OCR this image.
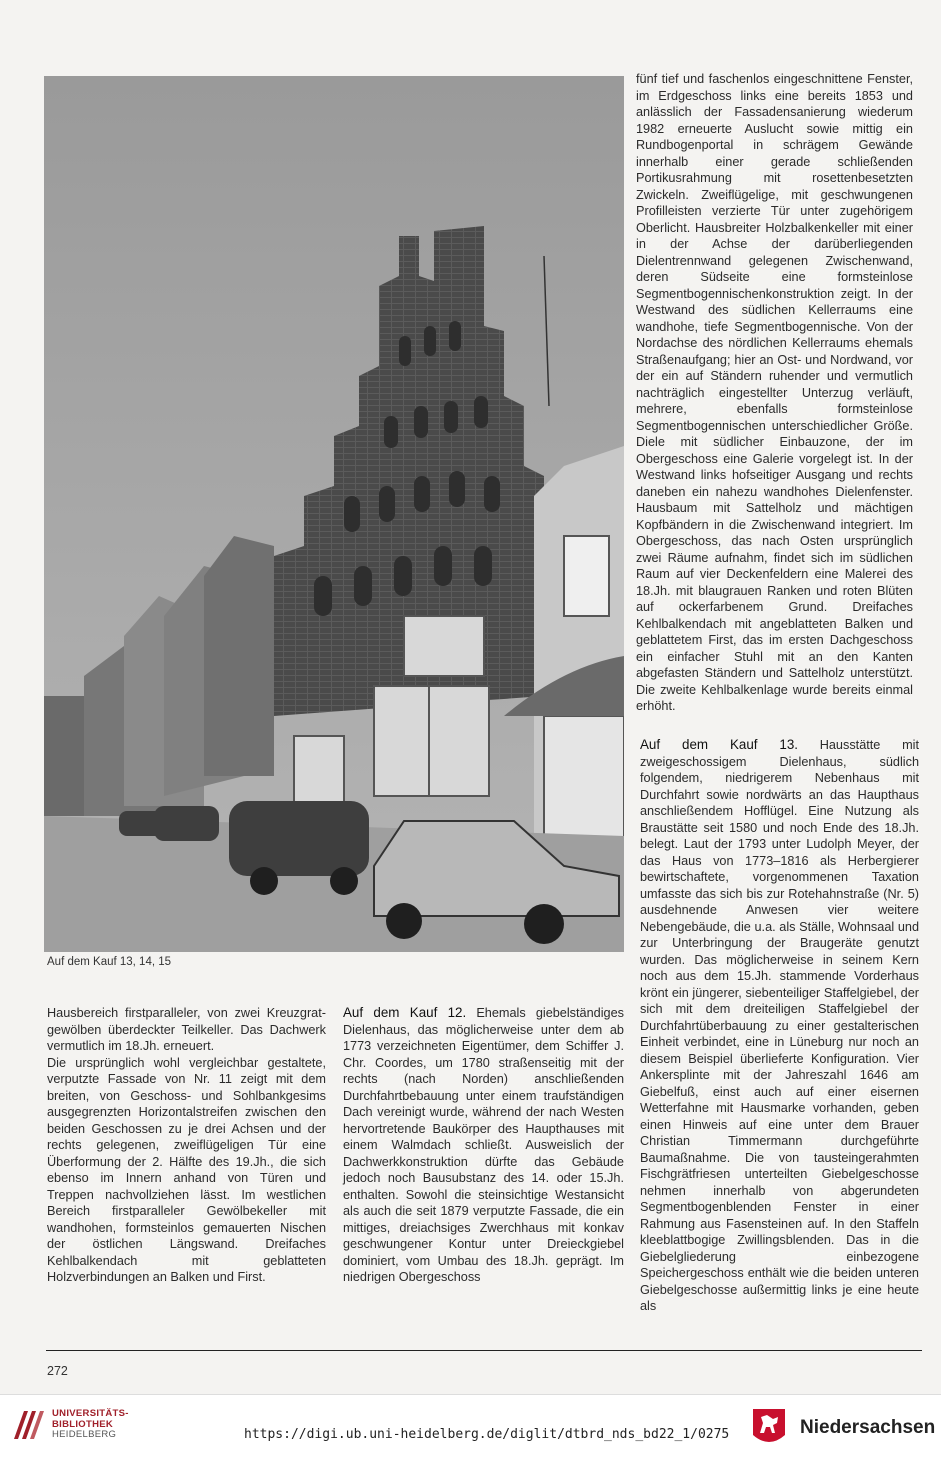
Auf dem Kauf 13, 14, 15

Hausbereich firstparalleler, von zwei Kreuzgrat-gewölben überdeckter Teilkeller. Das Dachwerk vermutlich im 18.Jh. erneuert.

Die ursprünglich wohl vergleichbar gestaltete, verputzte Fassade von Nr. 11 zeigt mit dem breiten, von Geschoss- und Sohlbankgesims ausgegrenzten Horizontalstreifen zwischen den beiden Geschossen zu je drei Achsen und der rechts gelegenen, zweiflügeligen Tür eine Überformung der 2. Hälfte des 19.Jh., die sich ebenso im Innern anhand von Türen und Treppen nachvollziehen lässt. Im westlichen Bereich firstparalleler Gewölbekeller mit wandhohen, formsteinlos gemauerten Nischen der östlichen Längswand. Dreifaches Kehlbalkendach mit geblatteten Holzverbindungen an Balken und First.

Auf dem Kauf 12. Ehemals giebelständiges Dielenhaus, das möglicherweise unter dem ab 1773 verzeichneten Eigentümer, dem Schiffer J. Chr. Coordes, um 1780 straßenseitig mit der rechts (nach Norden) anschließenden Durchfahrtbebauung unter einem traufständigen Dach vereinigt wurde, während der nach Westen hervortretende Baukörper des Haupthauses mit einem Walmdach schließt. Ausweislich der Dachwerkkonstruktion dürfte das Gebäude jedoch noch Bausubstanz des 14. oder 15.Jh. enthalten. Sowohl die steinsichtige Westansicht als auch die seit 1879 verputzte Fassade, die ein mittiges, dreiachsiges Zwerchhaus mit konkav geschwungener Kontur unter Dreieckgiebel dominiert, vom Umbau des 18.Jh. geprägt. Im niedrigen Obergeschoss

fünf tief und faschenlos eingeschnittene Fenster, im Erdgeschoss links eine bereits 1853 und anlässlich der Fassadensanierung wiederum 1982 erneuerte Auslucht sowie mittig ein Rundbogenportal in schrägem Gewände innerhalb einer gerade schließenden Portikusrahmung mit rosettenbesetzten Zwickeln. Zweiflügelige, mit geschwungenen Profilleisten verzierte Tür unter zugehörigem Oberlicht. Hausbreiter Holzbalkenkeller mit einer in der Achse der darüberliegenden Dielentrennwand gelegenen Zwischenwand, deren Südseite eine formsteinlose Segmentbogennischenkonstruktion zeigt. In der Westwand des südlichen Kellerraums eine wandhohe, tiefe Segmentbogennische. Von der Nordachse des nördlichen Kellerraums ehemals Straßenaufgang; hier an Ost- und Nordwand, vor der ein auf Ständern ruhender und vermutlich nachträglich eingestellter Unterzug verläuft, mehrere, ebenfalls formsteinlose Segmentbogennischen unterschiedlicher Größe. Diele mit südlicher Einbauzone, der im Obergeschoss eine Galerie vorgelegt ist. In der Westwand links hofseitiger Ausgang und rechts daneben ein nahezu wandhohes Dielenfenster. Hausbaum mit Sattelholz und mächtigen Kopfbändern in die Zwischenwand integriert. Im Obergeschoss, das nach Osten ursprünglich zwei Räume aufnahm, findet sich im südlichen Raum auf vier Deckenfeldern eine Malerei des 18.Jh. mit blaugrauen Ranken und roten Blüten auf ockerfarbenem Grund. Dreifaches Kehlbalkendach mit angeblatteten Balken und geblattetem First, das im ersten Dachgeschoss ein einfacher Stuhl mit an den Kanten abgefasten Ständern und Sattelholz unterstützt. Die zweite Kehlbalkenlage wurde bereits einmal erhöht.

Auf dem Kauf 13. Hausstätte mit zweigeschossigem Dielenhaus, südlich folgendem, niedrigerem Nebenhaus mit Durchfahrt sowie nordwärts an das Haupthaus anschließendem Hofflügel. Eine Nutzung als Braustätte seit 1580 und noch Ende des 18.Jh. belegt. Laut der 1793 unter Ludolph Meyer, der das Haus von 1773–1816 als Herbergierer bewirtschaftete, vorgenommenen Taxation umfasste das sich bis zur Rotehahnstraße (Nr. 5) ausdehnende Anwesen vier weitere Nebengebäude, die u.a. als Ställe, Wohnsaal und zur Unterbringung der Braugeräte genutzt wurden. Das möglicherweise in seinem Kern noch aus dem 15.Jh. stammende Vorderhaus krönt ein jüngerer, siebenteiliger Staffelgiebel, der sich mit dem dreiteiligen Staffelgiebel der Durchfahrtüberbauung zu einer gestalterischen Einheit verbindet, eine in Lüneburg nur noch an diesem Beispiel überlieferte Konfiguration. Vier Ankersplinte mit der Jahreszahl 1646 am Giebelfuß, einst auch auf einer eisernen Wetterfahne mit Hausmarke vorhanden, geben einen Hinweis auf eine unter dem Brauer Christian Timmermann durchgeführte Baumaßnahme. Die von tausteingerahmten Fischgrätfriesen unterteilten Giebelgeschosse nehmen innerhalb von abgerundeten Segmentbogenblenden Fenster in einer Rahmung aus Fasensteinen auf. In den Staffeln kleeblattbogige Zwillingsblenden. Das in die Giebelgliederung einbezogene Speichergeschoss enthält wie die beiden unteren Giebelgeschosse außermittig links je eine heute als

272
UNIVERSITÄTS-
BIBLIOTHEK
HEIDELBERG	https://digi.ub.uni-heidelberg.de/diglit/dtbrd_nds_bd22_1/0275	Niedersachsen
